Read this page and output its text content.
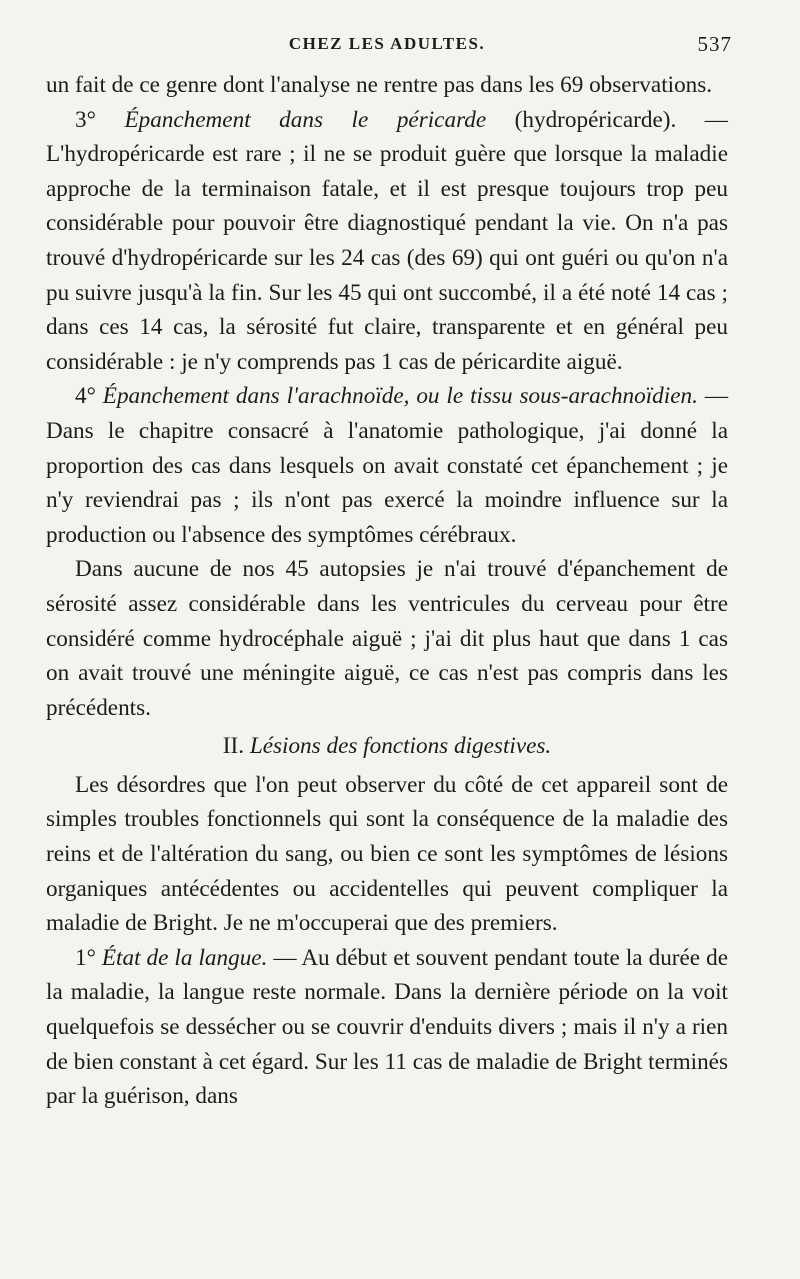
CHEZ LES ADULTES.	537

un fait de ce genre dont l'analyse ne rentre pas dans les 69 observations.

3° Épanchement dans le péricarde (hydropéricarde). — L'hydropéricarde est rare ; il ne se produit guère que lorsque la maladie approche de la terminaison fatale, et il est presque toujours trop peu considérable pour pouvoir être diagnostiqué pendant la vie. On n'a pas trouvé d'hydropéricarde sur les 24 cas (des 69) qui ont guéri ou qu'on n'a pu suivre jusqu'à la fin. Sur les 45 qui ont succombé, il a été noté 14 cas ; dans ces 14 cas, la sérosité fut claire, transparente et en général peu considérable : je n'y comprends pas 1 cas de péricardite aiguë.

4° Épanchement dans l'arachnoïde, ou le tissu sous-arachnoïdien. — Dans le chapitre consacré à l'anatomie pathologique, j'ai donné la proportion des cas dans lesquels on avait constaté cet épanchement ; je n'y reviendrai pas ; ils n'ont pas exercé la moindre influence sur la production ou l'absence des symptômes cérébraux.

Dans aucune de nos 45 autopsies je n'ai trouvé d'épanchement de sérosité assez considérable dans les ventricules du cerveau pour être considéré comme hydrocéphale aiguë ; j'ai dit plus haut que dans 1 cas on avait trouvé une méningite aiguë, ce cas n'est pas compris dans les précédents.

II. Lésions des fonctions digestives.

Les désordres que l'on peut observer du côté de cet appareil sont de simples troubles fonctionnels qui sont la conséquence de la maladie des reins et de l'altération du sang, ou bien ce sont les symptômes de lésions organiques antécédentes ou accidentelles qui peuvent compliquer la maladie de Bright. Je ne m'occuperai que des premiers.

1° État de la langue. — Au début et souvent pendant toute la durée de la maladie, la langue reste normale. Dans la dernière période on la voit quelquefois se dessécher ou se couvrir d'enduits divers ; mais il n'y a rien de bien constant à cet égard. Sur les 11 cas de maladie de Bright terminés par la guérison, dans
